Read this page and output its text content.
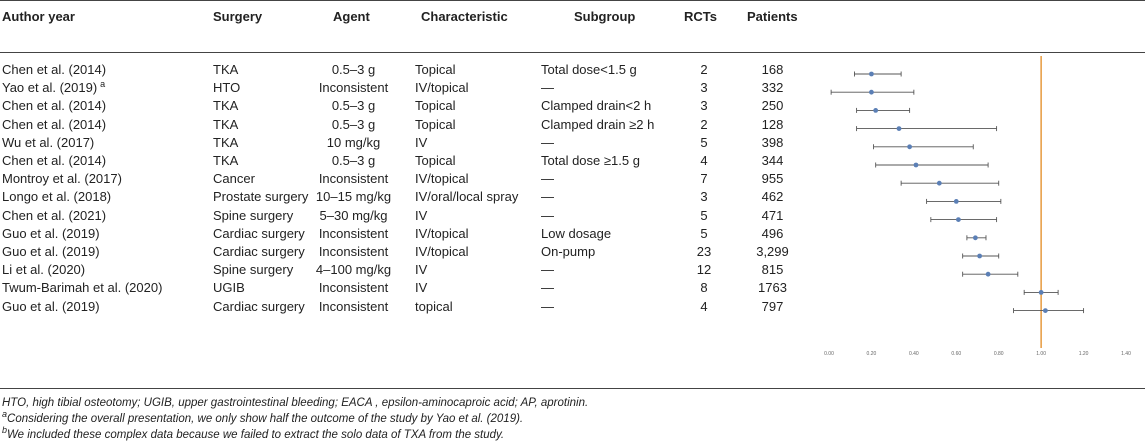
Author year	Surgery	Agent	Characteristic	Subgroup	RCTs Patients
Chen et al. (2014)	TKA	0.5–3 g	Topical	Total dose<1.5 g	2	168
Yao et al. (2019) $^a$	HTO	Inconsistent	IV/topical	—	3	332
Chen et al. (2014)	TKA	0.5–3 g	Topical	Clamped drain<2 h	3	250
Chen et al. (2014)	TKA	0.5–3 g	Topical	Clamped drain ≥2 h	2	128
Wu et al. (2017)	TKA	10 mg/kg	IV	—	5	398
Chen et al. (2014)	TKA	0.5–3 g	Topical	Total dose ≥1.5 g	4	344
Montroy et al. (2017)	Cancer	Inconsistent	IV/topical	—	7	955
Longo et al. (2018)	Prostate surgery 10–15 mg/kg	IV/oral/local spray —	3	462
Chen et al. (2021)	Spine surgery	5–30 mg/kg	IV	—	5	471
Guo et al. (2019)	Cardiac surgery	Inconsistent	IV/topical	Low dosage	5	496
Guo et al. (2019)	Cardiac surgery	Inconsistent	IV/topical	On-pump	23	3,299
Li et al. (2020)	Spine surgery	4–100 mg/kg	IV	—	12	815
Twum-Barimah et al. (2020)	UGIB	Inconsistent	IV	—	8	1763
Guo et al. (2019)	Cardiac surgery	Inconsistent	topical	—	4	797
0.00	0.20	0.40	0.60	0.80	1.00	1.20	1.40
HTO, high tibial osteotomy; UGIB, upper gastrointestinal bleeding; EACA , epsilon-aminocaproic acid; AP, aprotinin.
$^a$Considering the overall presentation, we only show half the outcome of the study by Yao et al. (2019).
$^b$We included these complex data because we failed to extract the solo data of TXA from the study.
